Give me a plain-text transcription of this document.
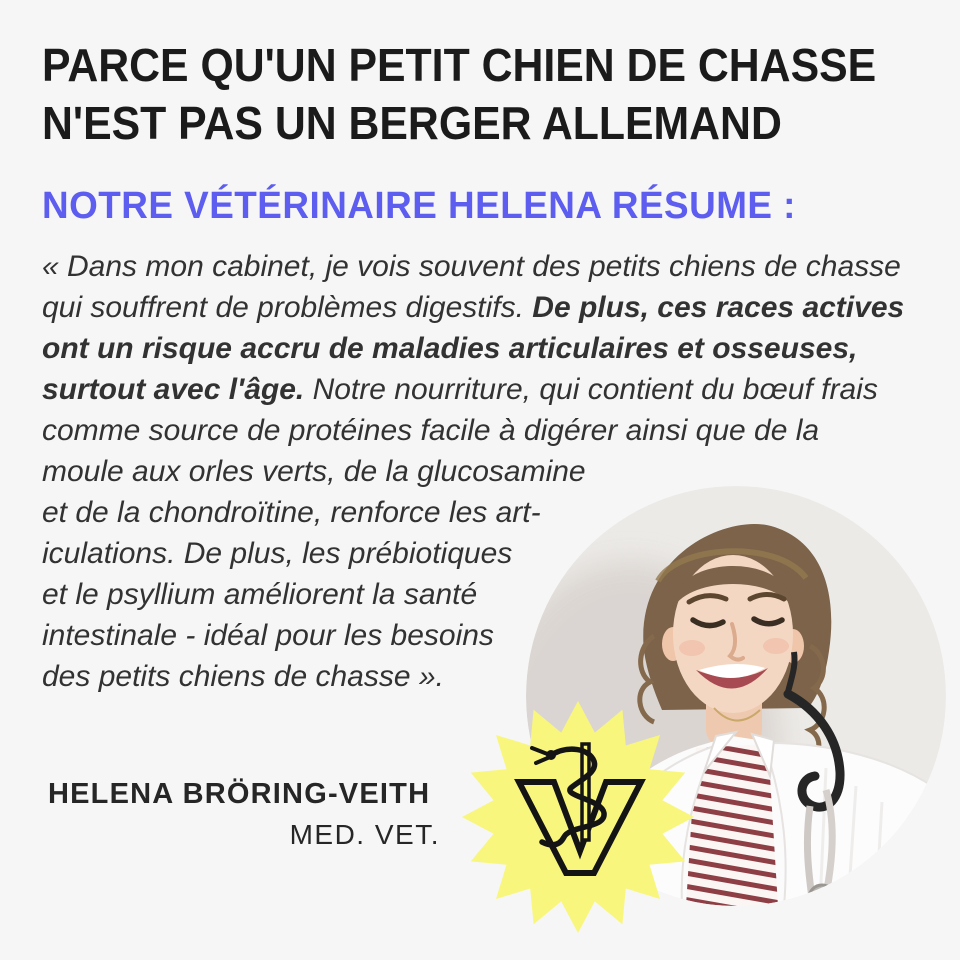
PARCE QU'UN PETIT CHIEN DE CHASSE
N'EST PAS UN BERGER ALLEMAND
NOTRE VÉTÉRINAIRE HELENA RÉSUME :
« Dans mon cabinet, je vois souvent des petits chiens de chasse
qui souffrent de problèmes digestifs. De plus, ces races actives
ont un risque accru de maladies articulaires et osseuses,
surtout avec l'âge. Notre nourriture, qui contient du bœuf frais
comme source de protéines facile à digérer ainsi que de la
moule aux orles verts, de la glucosamine
et de la chondroïtine, renforce les art-
iculations. De plus, les prébiotiques
et le psyllium améliorent la santé
intestinale - idéal pour les besoins
des petits chiens de chasse ».
HELENA BRÖRING-VEITH
MED. VET.
